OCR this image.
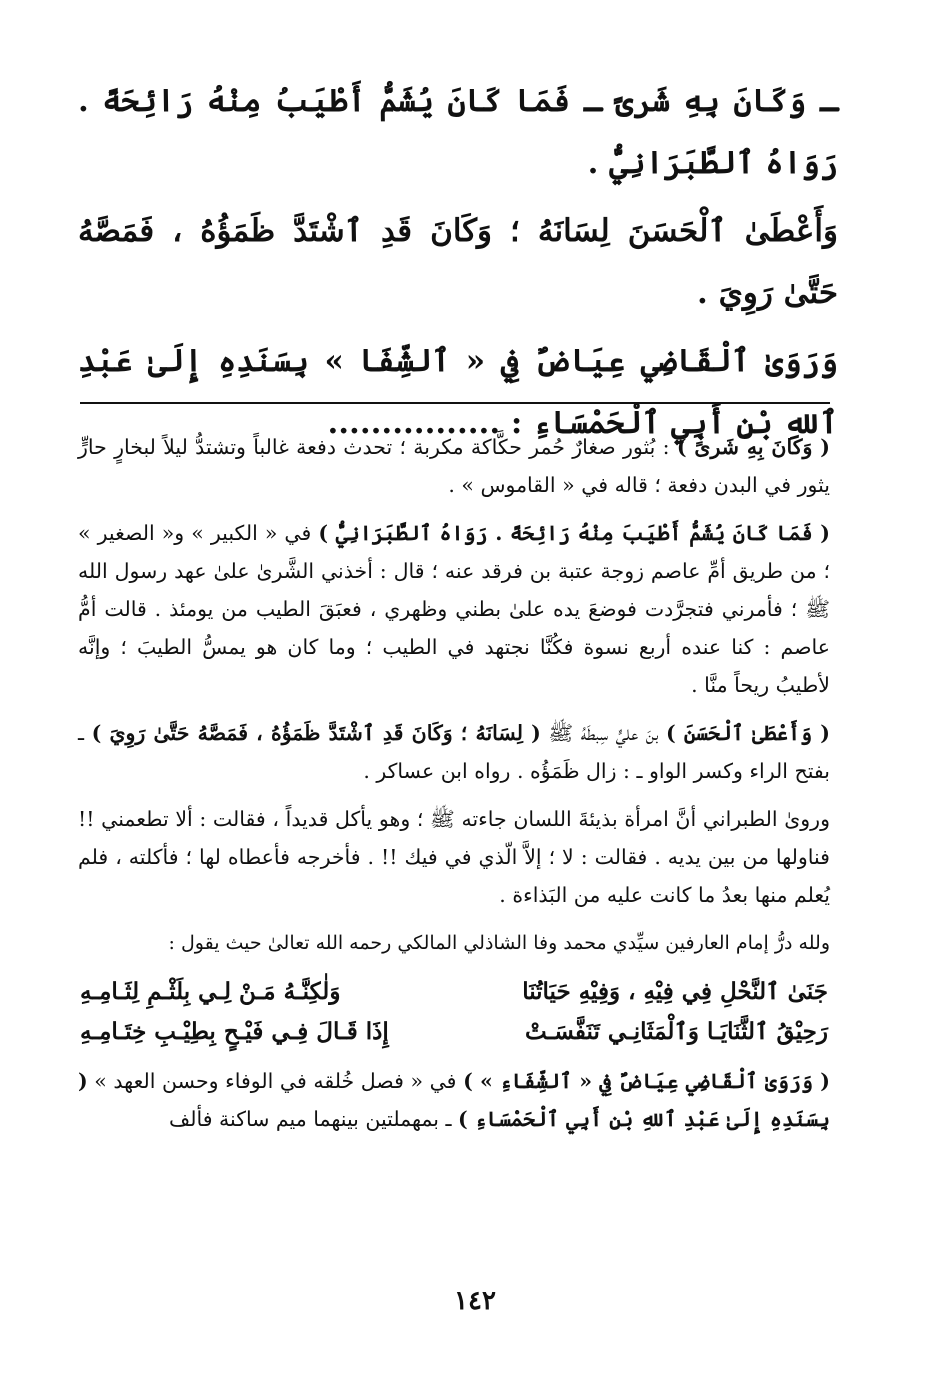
ـ وَكَانَ بِهِ شَرىً ـ فَمَا كَانَ يُشَمُّ أَطْيَبُ مِنْهُ رَائِحَةً . رَوَاهُ ٱلطَّبَرَانِيُّ .

وَأَعْطَىٰ ٱلْحَسَنَ لِسَانَهُ ؛ وَكَانَ قَدِ ٱشْتَدَّ ظَمَؤُهُ ، فَمَصَّهُ حَتَّىٰ رَوِيَ .

وَرَوَىٰ ٱلْقَاضِي عِيَاضٌ فِي « ٱلشِّفَا » بِسَنَدِهِ إِلَىٰ عَبْدِ ٱللهِ بْنِ أَبِي ٱلْحَمْسَاءِ : ................

( وَكَانَ بِهِ شَرىً ) : بُثور صغارٌ حُمر حكَّاكة مكربة ؛ تحدث دفعة غالباً وتشتدُّ ليلاً لبخارٍ حارٍّ يثور في البدن دفعة ؛ قاله في « القاموس » .

( فَمَا كَانَ يُشَمُّ أَطْيَبَ مِنْهُ رَائِحَةً . رَوَاهُ ٱلطَّبَرَانِيُّ ) في « الكبير » و« الصغير » ؛ من طريق أمِّ عاصم زوجة عتبة بن فرقد عنه ؛ قال : أخذني الشَّرىٰ علىٰ عهد رسول الله ﷺ ؛ فأمرني فتجرَّدت فوضعَ يده علىٰ بطني وظهري ، فعبَقَ الطيب من يومئذ . قالت أمُّ عاصم : كنا عنده أربع نسوة فكُنَّا نجتهد في الطيب ؛ وما كان هو يمسُّ الطيبَ ؛ وإنَّه لأطيبُ ريحاً منَّا .

( وَأَعْطَىٰ ٱلْحَسَنَ ) بنَ عليٍّ سِبطَهُ ﷺ ( لِسَانَهُ ؛ وَكَانَ قَدِ ٱشْتَدَّ ظَمَؤُهُ ، فَمَصَّهُ حَتَّىٰ رَوِيَ ) ـ بفتح الراء وكسر الواو ـ : زال ظَمَؤُه . رواه ابن عساكر .

وروىٰ الطبراني أنَّ امرأة بذيئةَ اللسان جاءته ﷺ ؛ وهو يأكل قديداً ، فقالت : ألا تطعمني !! فناولها من بين يديه . فقالت : لا ؛ إلاَّ الّذي في فيك !! . فأخرجه فأعطاه لها ؛ فأكلته ، فلم يُعلم منها بعدُ ما كانت عليه من البَذاءة .

ولله درُّ إمام العارفين سيِّدي محمد وفا الشاذلي المالكي رحمه الله تعالىٰ حيث يقول :

جَنَىٰ ٱلنَّحْلِ فِي فِيْهِ ، وَفِيْهِ حَيَاتُنَا
وَلٰكِنَّـهُ مَـنْ لِـي بِلَثْـمِ لِثَـامِـهِ
رَحِيْقُ ٱلثَّنَايَـا وَٱلْمَثَانِـي تَنَفَّسَـتْ
إِذَا قَـالَ فِـي فَيْـحٍ بِطِيْـبِ خِتَـامِـهِ

( وَرَوَىٰ ٱلْقَاضِي عِيَاضٌ فِي « ٱلشِّفَاءِ » ) في « فصل خُلقه في الوفاء وحسن العهد » ( بِسَنَدِهِ إِلَىٰ عَبْدِ ٱللهِ بْنِ أَبِي ٱلْحَمْسَاءِ ) ـ بمهملتين بينهما ميم ساكنة فألف

١٤٢
